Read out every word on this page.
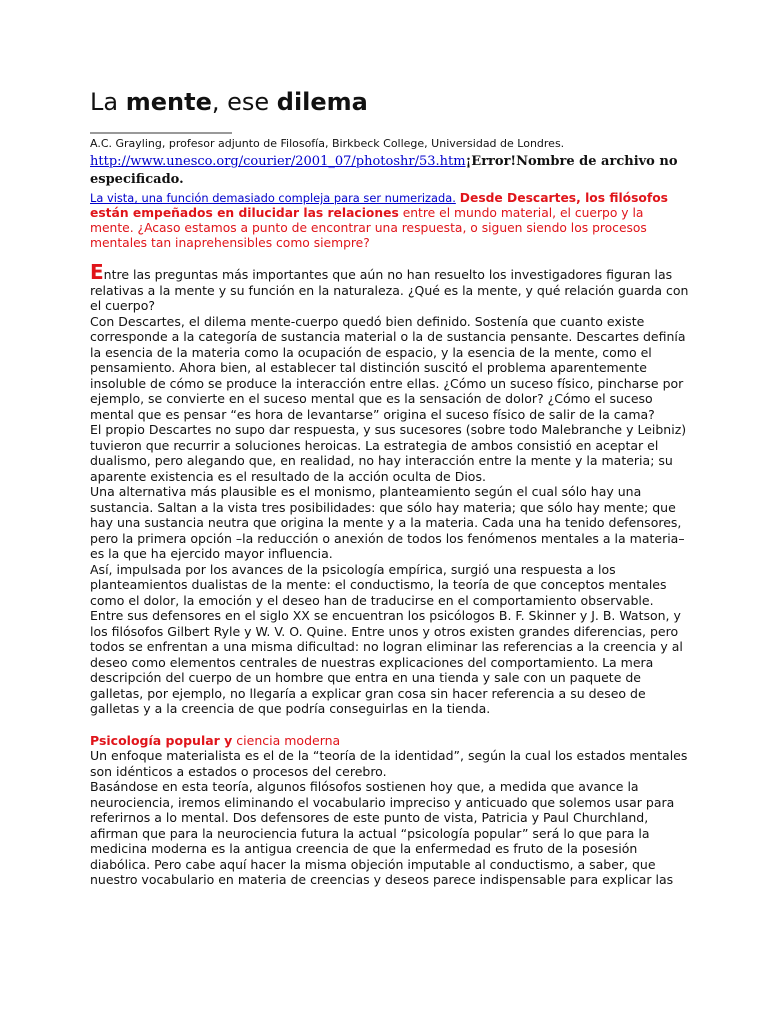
La mente, ese dilema
A.C. Grayling, profesor adjunto de Filosofía, Birkbeck College, Universidad de Londres.
http://www.unesco.org/courier/2001_07/photoshr/53.htm¡Error!Nombre de archivo no especificado.
La vista, una función demasiado compleja para ser numerizada. Desde Descartes, los filósofos están empeñados en dilucidar las relaciones entre el mundo material, el cuerpo y la mente. ¿Acaso estamos a punto de encontrar una respuesta, o siguen siendo los procesos mentales tan inaprehensibles como siempre?

Entre las preguntas más importantes que aún no han resuelto los investigadores figuran las relativas a la mente y su función en la naturaleza. ¿Qué es la mente, y qué relación guarda con el cuerpo?

Con Descartes, el dilema mente-cuerpo quedó bien definido. Sostenía que cuanto existe corresponde a la categoría de sustancia material o la de sustancia pensante. Descartes definía la esencia de la materia como la ocupación de espacio, y la esencia de la mente, como el pensamiento. Ahora bien, al establecer tal distinción suscitó el problema aparentemente insoluble de cómo se produce la interacción entre ellas. ¿Cómo un suceso físico, pincharse por ejemplo, se convierte en el suceso mental que es la sensación de dolor? ¿Cómo el suceso mental que es pensar “es hora de levantarse” origina el suceso físico de salir de la cama?

El propio Descartes no supo dar respuesta, y sus sucesores (sobre todo Malebranche y Leibniz) tuvieron que recurrir a soluciones heroicas. La estrategia de ambos consistió en aceptar el dualismo, pero alegando que, en realidad, no hay interacción entre la mente y la materia; su aparente existencia es el resultado de la acción oculta de Dios.

Una alternativa más plausible es el monismo, planteamiento según el cual sólo hay una sustancia. Saltan a la vista tres posibilidades: que sólo hay materia; que sólo hay mente; que hay una sustancia neutra que origina la mente y a la materia. Cada una ha tenido defensores, pero la primera opción –la reducción o anexión de todos los fenómenos mentales a la materia– es la que ha ejercido mayor influencia.

Así, impulsada por los avances de la psicología empírica, surgió una respuesta a los planteamientos dualistas de la mente: el conductismo, la teoría de que conceptos mentales como el dolor, la emoción y el deseo han de traducirse en el comportamiento observable. Entre sus defensores en el siglo XX se encuentran los psicólogos B. F. Skinner y J. B. Watson, y los filósofos Gilbert Ryle y W. V. O. Quine. Entre unos y otros existen grandes diferencias, pero todos se enfrentan a una misma dificultad: no logran eliminar las referencias a la creencia y al deseo como elementos centrales de nuestras explicaciones del comportamiento. La mera descripción del cuerpo de un hombre que entra en una tienda y sale con un paquete de galletas, por ejemplo, no llegaría a explicar gran cosa sin hacer referencia a su deseo de galletas y a la creencia de que podría conseguirlas en la tienda.

Psicología popular y ciencia moderna

Un enfoque materialista es el de la “teoría de la identidad”, según la cual los estados mentales son idénticos a estados o procesos del cerebro.

Basándose en esta teoría, algunos filósofos sostienen hoy que, a medida que avance la neurociencia, iremos eliminando el vocabulario impreciso y anticuado que solemos usar para referirnos a lo mental. Dos defensores de este punto de vista, Patricia y Paul Churchland, afirman que para la neurociencia futura la actual “psicología popular” será lo que para la medicina moderna es la antigua creencia de que la enfermedad es fruto de la posesión diabólica. Pero cabe aquí hacer la misma objeción imputable al conductismo, a saber, que nuestro vocabulario en materia de creencias y deseos parece indispensable para explicar las
